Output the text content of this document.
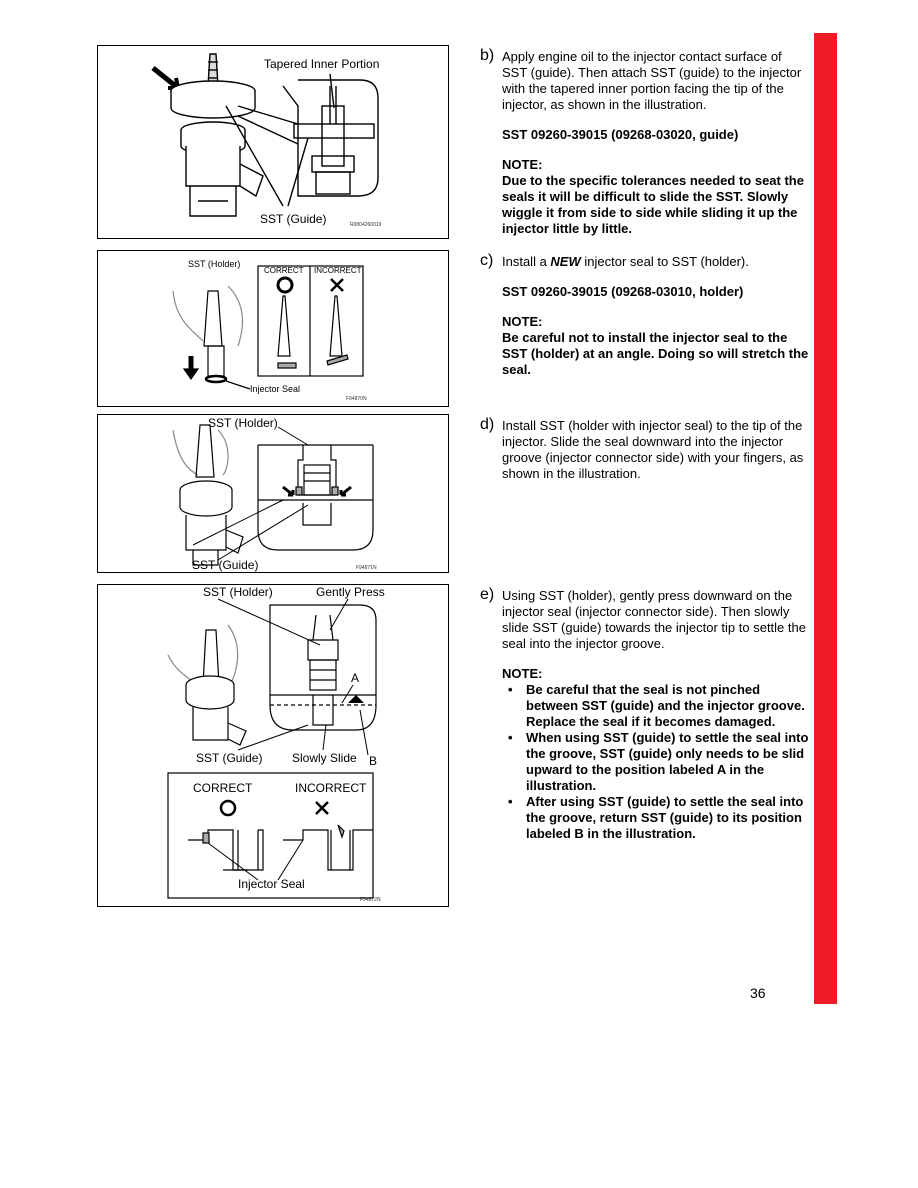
Tapered Inner Portion
SST (Guide)	R0804260019
SST (Holder)
CORRECT INCORRECT
Injector Seal
F94870N
SST (Holder)
SST (Guide)	F94871N
SST (Holder)	Gently Press
A
SST (Guide) Slowly Slide B
CORRECT	INCORRECT
Injector Seal
F94872N
b) Apply engine oil to the injector contact surface of SST (guide). Then attach SST (guide) to the injector with the tapered inner portion facing the tip of the injector, as shown in the illustration.
SST 09260-39015 (09268-03020, guide)
NOTE:
Due to the specific tolerances needed to seat the seals it will be difficult to slide the SST. Slowly wiggle it from side to side while sliding it up the injector little by little.
c) Install a NEW injector seal to SST (holder).
SST 09260-39015 (09268-03010, holder)
NOTE:
Be careful not to install the injector seal to the SST (holder) at an angle. Doing so will stretch the seal.
d) Install SST (holder with injector seal) to the tip of the injector. Slide the seal downward into the injector groove (injector connector side) with your fingers, as shown in the illustration.
e) Using SST (holder), gently press downward on the injector seal (injector connector side). Then slowly slide SST (guide) towards the injector tip to settle the seal into the injector groove.
NOTE:
• Be careful that the seal is not pinched between SST (guide) and the injector groove. Replace the seal if it becomes damaged.
• When using SST (guide) to settle the seal into the groove, SST (guide) only needs to be slid upward to the position labeled A in the illustration.
• After using SST (guide) to settle the seal into the groove, return SST (guide) to its position labeled B in the illustration.
36
